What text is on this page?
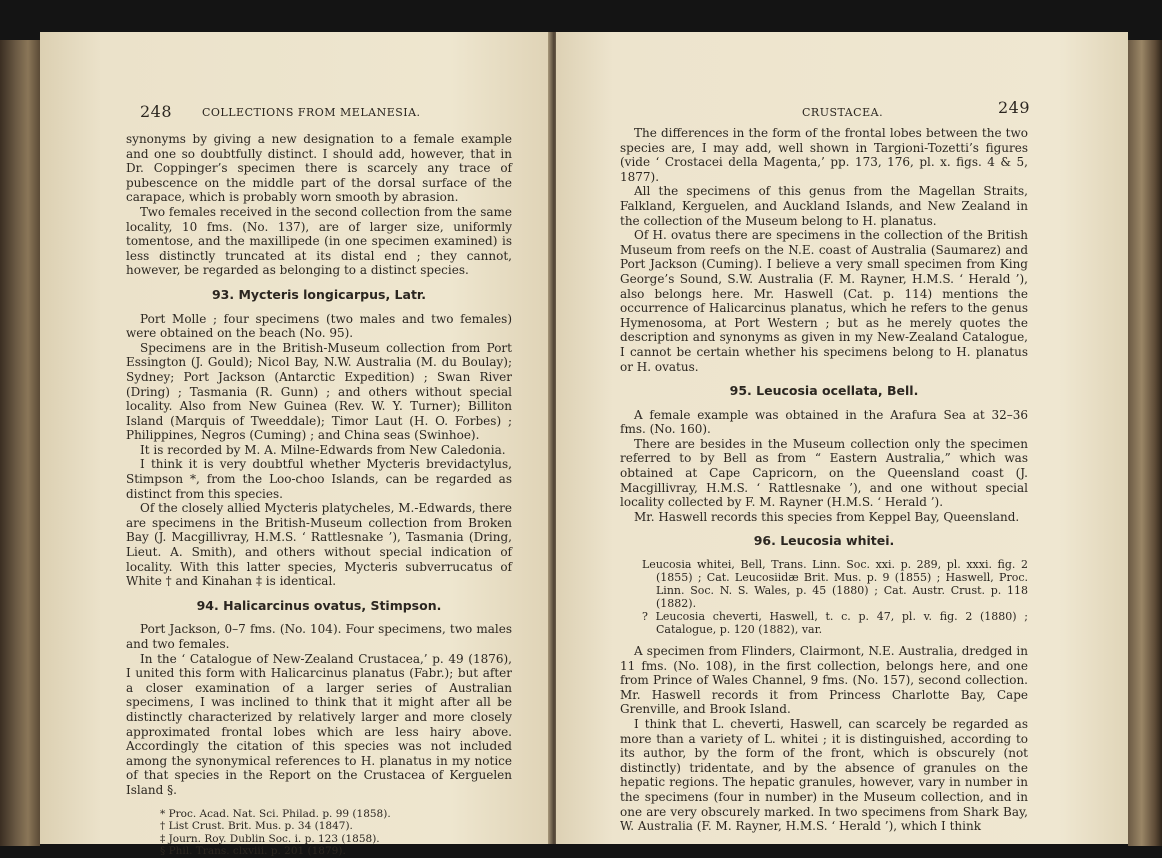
248	COLLECTIONS FROM MELANESIA.

synonyms by giving a new designation to a female example and one so doubtfully distinct. I should add, however, that in Dr. Coppinger’s specimen there is scarcely any trace of pubescence on the middle part of the dorsal surface of the carapace, which is probably worn smooth by abrasion.

Two females received in the second collection from the same locality, 10 fms. (No. 137), are of larger size, uniformly tomentose, and the maxillipede (in one specimen examined) is less distinctly truncated at its distal end ; they cannot, however, be regarded as belonging to a distinct species.

93. Mycteris longicarpus, Latr.

Port Molle ; four specimens (two males and two females) were obtained on the beach (No. 95).

Specimens are in the British-Museum collection from Port Essington (J. Gould); Nicol Bay, N.W. Australia (M. du Boulay); Sydney; Port Jackson (Antarctic Expedition) ; Swan River (Dring) ; Tasmania (R. Gunn) ; and others without special locality. Also from New Guinea (Rev. W. Y. Turner); Billiton Island (Marquis of Tweeddale); Timor Laut (H. O. Forbes) ; Philippines, Negros (Cuming) ; and China seas (Swinhoe).

It is recorded by M. A. Milne-Edwards from New Caledonia.

I think it is very doubtful whether Mycteris brevidactylus, Stimpson *, from the Loo-choo Islands, can be regarded as distinct from this species.

Of the closely allied Mycteris platycheles, M.-Edwards, there are specimens in the British-Museum collection from Broken Bay (J. Macgillivray, H.M.S. ‘ Rattlesnake ’), Tasmania (Dring, Lieut. A. Smith), and others without special indication of locality. With this latter species, Mycteris subverrucatus of White † and Kinahan ‡ is identical.

94. Halicarcinus ovatus, Stimpson.

Port Jackson, 0–7 fms. (No. 104). Four specimens, two males and two females.

In the ‘ Catalogue of New-Zealand Crustacea,’ p. 49 (1876), I united this form with Halicarcinus planatus (Fabr.); but after a closer examination of a larger series of Australian specimens, I was inclined to think that it might after all be distinctly characterized by relatively larger and more closely approximated frontal lobes which are less hairy above. Accordingly the citation of this species was not included among the synonymical references to H. planatus in my notice of that species in the Report on the Crustacea of Kerguelen Island §.

* Proc. Acad. Nat. Sci. Philad. p. 99 (1858).
† List Crust. Brit. Mus. p. 34 (1847).
‡ Journ. Roy. Dublin Soc. i. p. 123 (1858).
§ Phil. Trans. clxviii. p. 201 (1879).
CRUSTACEA.	249

The differences in the form of the frontal lobes between the two species are, I may add, well shown in Targioni-Tozetti’s figures (vide ‘ Crostacei della Magenta,’ pp. 173, 176, pl. x. figs. 4 & 5, 1877).

All the specimens of this genus from the Magellan Straits, Falkland, Kerguelen, and Auckland Islands, and New Zealand in the collection of the Museum belong to H. planatus.

Of H. ovatus there are specimens in the collection of the British Museum from reefs on the N.E. coast of Australia (Saumarez) and Port Jackson (Cuming). I believe a very small specimen from King George’s Sound, S.W. Australia (F. M. Rayner, H.M.S. ‘ Herald ’), also belongs here. Mr. Haswell (Cat. p. 114) mentions the occurrence of Halicarcinus planatus, which he refers to the genus Hymenosoma, at Port Western ; but as he merely quotes the description and synonyms as given in my New-Zealand Catalogue, I cannot be certain whether his specimens belong to H. planatus or H. ovatus.

95. Leucosia ocellata, Bell.

A female example was obtained in the Arafura Sea at 32–36 fms. (No. 160).

There are besides in the Museum collection only the specimen referred to by Bell as from “ Eastern Australia,” which was obtained at Cape Capricorn, on the Queensland coast (J. Macgillivray, H.M.S. ‘ Rattlesnake ’), and one without special locality collected by F. M. Rayner (H.M.S. ‘ Herald ’).

Mr. Haswell records this species from Keppel Bay, Queensland.

96. Leucosia whitei.
Leucosia whitei, Bell, Trans. Linn. Soc. xxi. p. 289, pl. xxxi. fig. 2 (1855) ; Cat. Leucosiidæ Brit. Mus. p. 9 (1855) ; Haswell, Proc. Linn. Soc. N. S. Wales, p. 45 (1880) ; Cat. Austr. Crust. p. 118 (1882).
? Leucosia cheverti, Haswell, t. c. p. 47, pl. v. fig. 2 (1880) ; Catalogue, p. 120 (1882), var.

A specimen from Flinders, Clairmont, N.E. Australia, dredged in 11 fms. (No. 108), in the first collection, belongs here, and one from Prince of Wales Channel, 9 fms. (No. 157), second collection. Mr. Haswell records it from Princess Charlotte Bay, Cape Grenville, and Brook Island.

I think that L. cheverti, Haswell, can scarcely be regarded as more than a variety of L. whitei ; it is distinguished, according to its author, by the form of the front, which is obscurely (not distinctly) tridentate, and by the absence of granules on the hepatic regions. The hepatic granules, however, vary in number in the specimens (four in number) in the Museum collection, and in one are very obscurely marked. In two specimens from Shark Bay, W. Australia (F. M. Rayner, H.M.S. ‘ Herald ’), which I think
